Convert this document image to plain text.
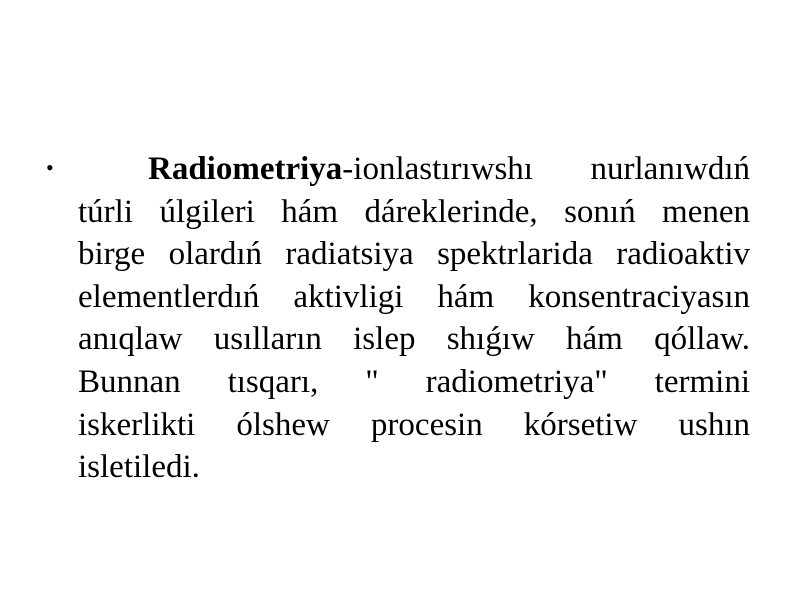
•	Radiometriya-ionlastırıwshı nurlanıwdıń
túrli úlgileri hám dáreklerinde, sonıń menen
birge olardıń radiatsiya spektrlarida radioaktiv
elementlerdıń aktivligi hám konsentraciyasın
anıqlaw usılların islep shıǵıw hám qóllaw.
Bunnan tısqarı, " radiometriya" termini
iskerlikti ólshew procesin kórsetiw ushın
isletiledi.
